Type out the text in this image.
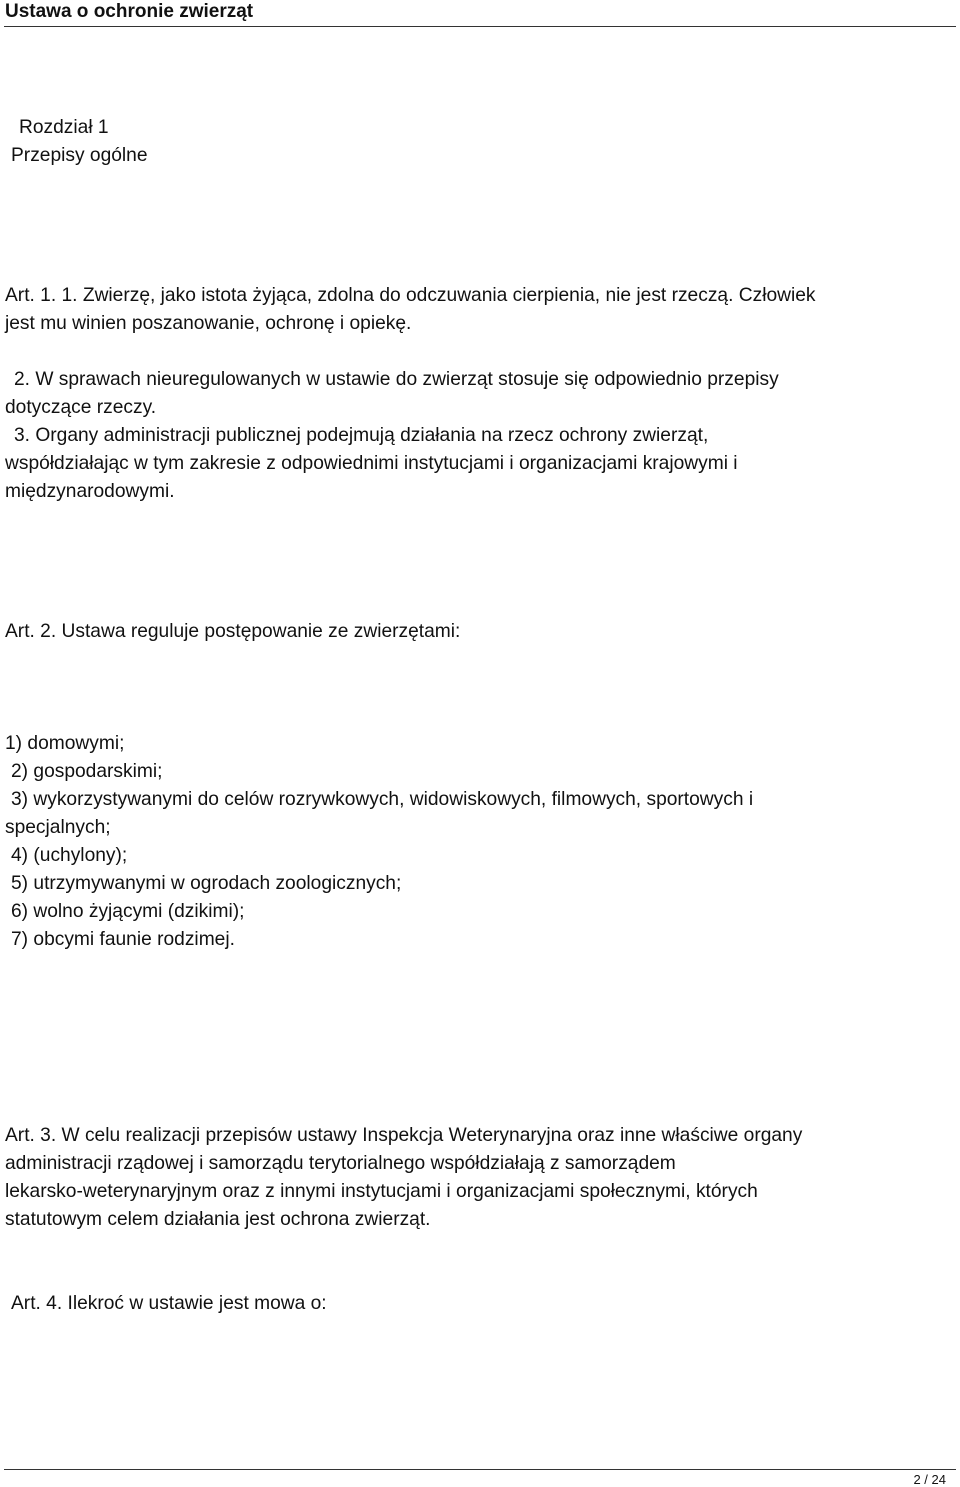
Ustawa o ochronie zwierząt
Rozdział 1
Przepisy ogólne
Art. 1. 1. Zwierzę, jako istota żyjąca, zdolna do odczuwania cierpienia, nie jest rzeczą. Człowiek
jest mu winien poszanowanie, ochronę i opiekę.
2. W sprawach nieuregulowanych w ustawie do zwierząt stosuje się odpowiednio przepisy
dotyczące rzeczy.
3. Organy administracji publicznej podejmują działania na rzecz ochrony zwierząt,
współdziałając w tym zakresie z odpowiednimi instytucjami i organizacjami krajowymi i
międzynarodowymi.
Art. 2. Ustawa reguluje postępowanie ze zwierzętami:
1) domowymi;
2) gospodarskimi;
3) wykorzystywanymi do celów rozrywkowych, widowiskowych, filmowych, sportowych i
specjalnych;
4) (uchylony);
5) utrzymywanymi w ogrodach zoologicznych;
6) wolno żyjącymi (dzikimi);
7) obcymi faunie rodzimej.
Art. 3. W celu realizacji przepisów ustawy Inspekcja Weterynaryjna oraz inne właściwe organy
administracji rządowej i samorządu terytorialnego współdziałają z samorządem
lekarsko-weterynaryjnym oraz z innymi instytucjami i organizacjami społecznymi, których
statutowym celem działania jest ochrona zwierząt.
Art. 4. Ilekroć w ustawie jest mowa o:
2 / 24
